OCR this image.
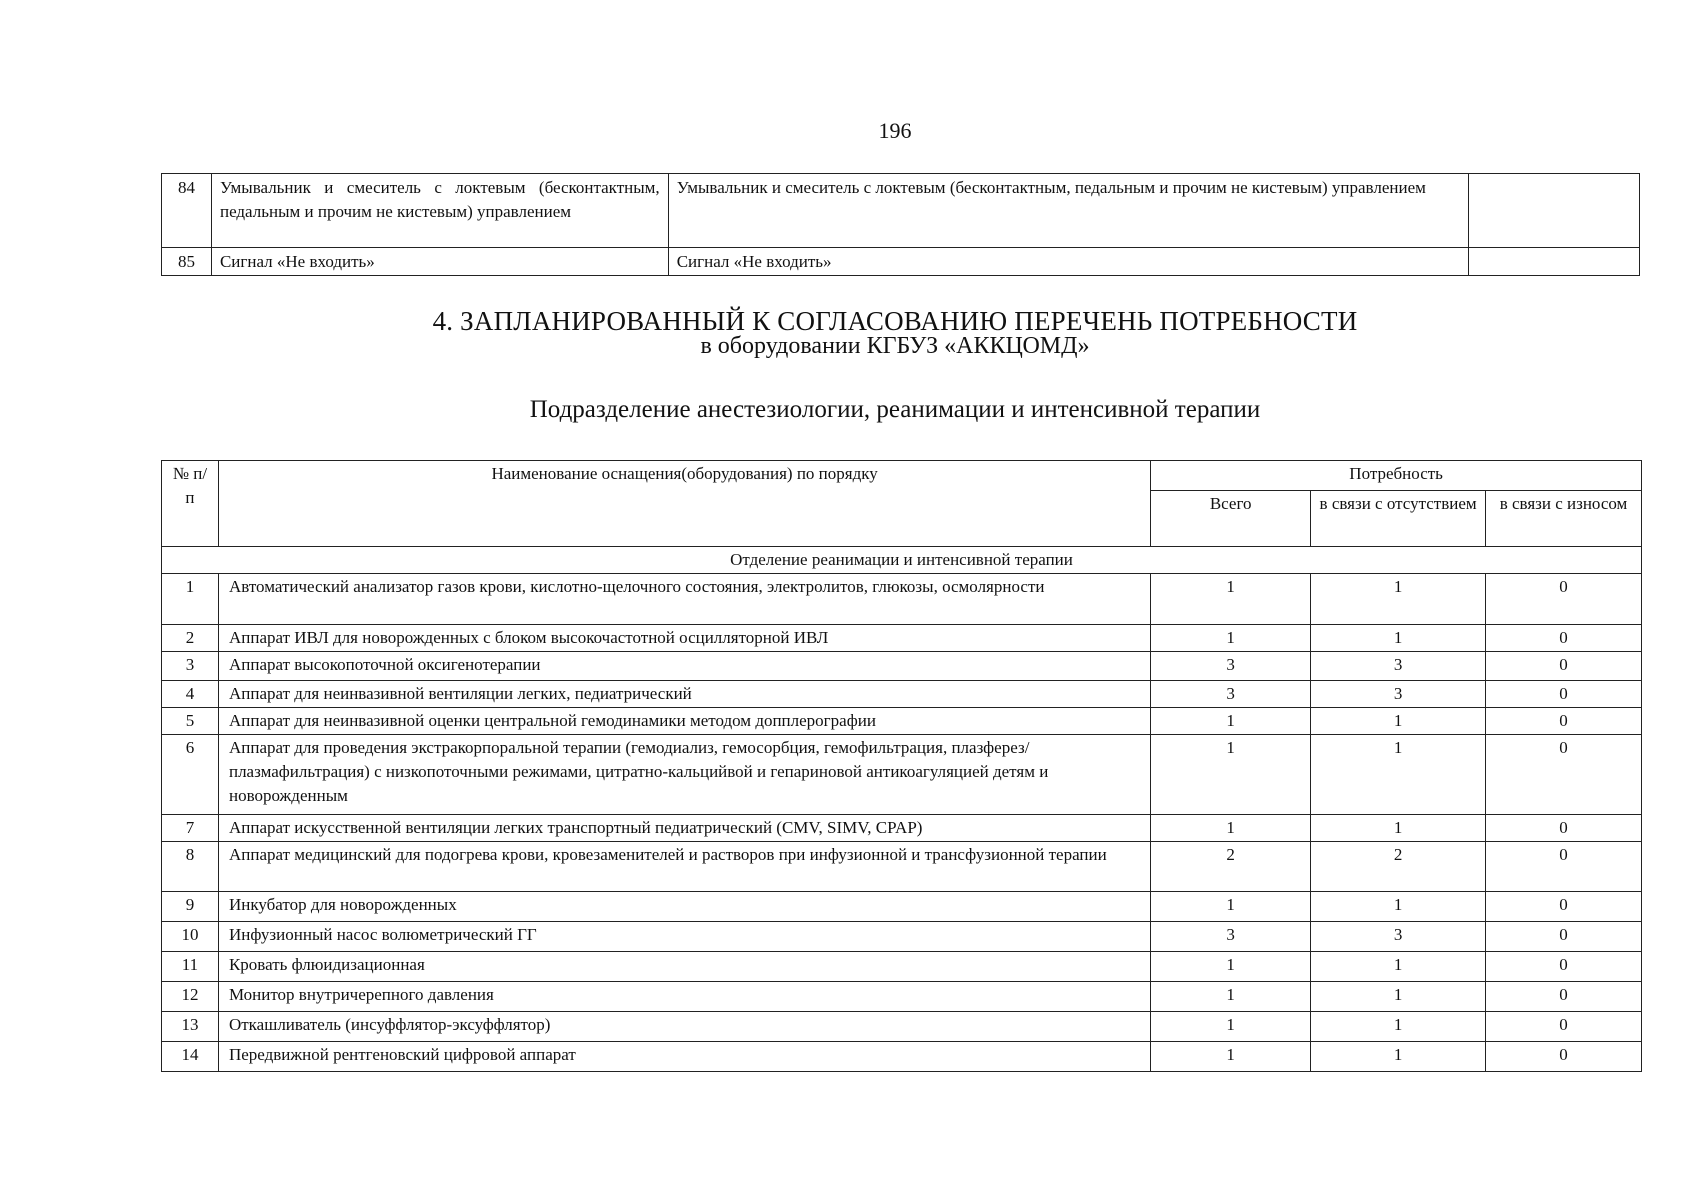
196
84	Умывальник и смеситель с локтевым (бесконтактным, педальным и прочим не кистевым) управлением	Умывальник и смеситель с локтевым (бесконтактным, педальным и прочим не кистевым) управлением	
85	Сигнал «Не входить»	Сигнал «Не входить»	
4. ЗАПЛАНИРОВАННЫЙ К СОГЛАСОВАНИЮ ПЕРЕЧЕНЬ ПОТРЕБНОСТИ
в оборудовании КГБУЗ «АККЦОМД»
Подразделение анестезиологии, реанимации и интенсивной терапии
№ п/п	Наименование оснащения(оборудования) по порядку	Потребность		
		Всего	в связи с отсутствием	в связи с износом
Отделение реанимации и интенсивной терапии				
1	Автоматический анализатор газов крови, кислотно-щелочного состояния, электролитов, глюкозы, осмолярности	1	1	0
2	Аппарат ИВЛ для новорожденных с блоком высокочастотной осцилляторной ИВЛ	1	1	0
3	Аппарат высокопоточной оксигенотерапии	3	3	0
4	Аппарат для неинвазивной вентиляции легких, педиатрический	3	3	0
5	Аппарат для неинвазивной оценки центральной гемодинамики методом допплерографии	1	1	0
6	Аппарат для проведения экстракорпоральной терапии (гемодиализ, гемосорбция, гемофильтрация, плазферез/плазмафильтрация) с низкопоточными режимами, цитратно-кальцийвой и гепариновой антикоагуляцией детям и новорожденным	1	1	0
7	Аппарат искусственной вентиляции легких транспортный педиатрический (CMV, SIMV, CPAP)	1	1	0
8	Аппарат медицинский для подогрева крови, кровезаменителей и растворов при инфузионной и трансфузионной терапии	2	2	0
9	Инкубатор для новорожденных	1	1	0
10	Инфузионный насос волюметрический ГГ	3	3	0
11	Кровать флюидизационная	1	1	0
12	Монитор внутричерепного давления	1	1	0
13	Откашливатель (инсуффлятор-эксуффлятор)	1	1	0
14	Передвижной рентгеновский цифровой аппарат	1	1	0
